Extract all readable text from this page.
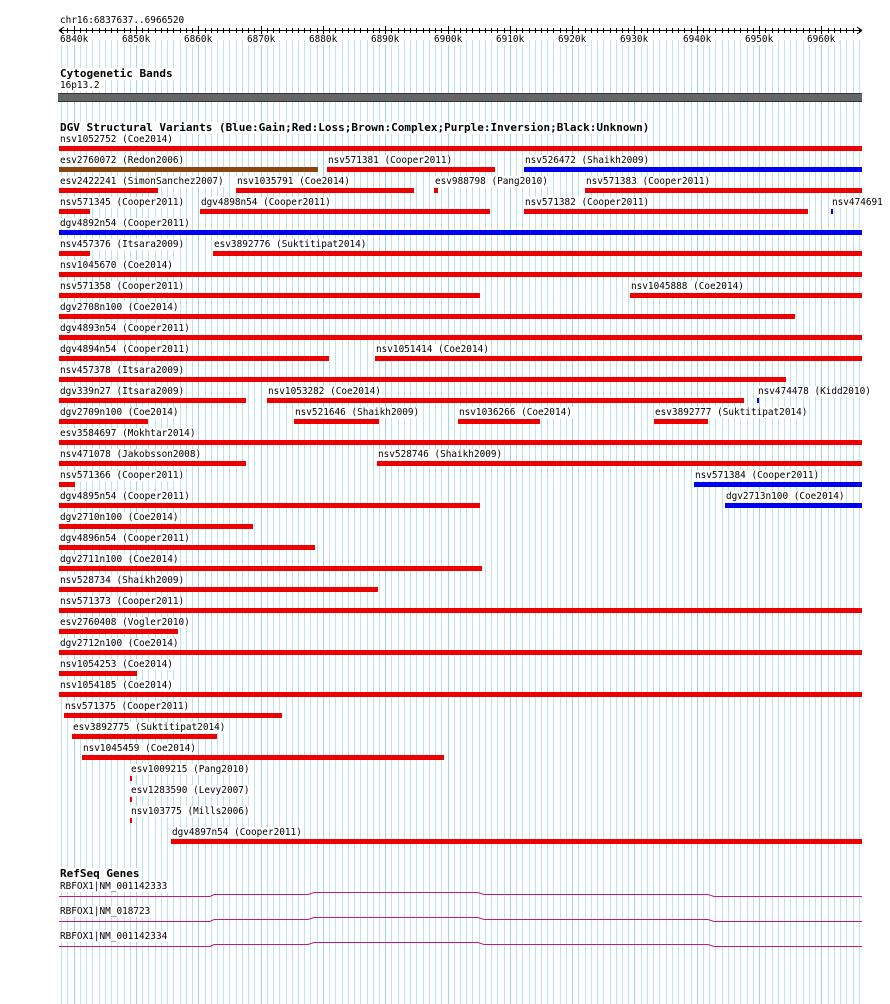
chr16:6837637..6966520
6840k	6850k	6860k	6870k	6880k	6890k	6900k	6910k	6920k	6930k	6940k	6950k	6960k
Cytogenetic Bands
16p13.2
DGV Structural Variants (Blue:Gain;Red:Loss;Brown:Complex;Purple:Inversion;Black:Unknown)
nsv1052752 (Coe2014)
esv2760072 (Redon2006)	nsv571381 (Cooper2011)	nsv526472 (Shaikh2009)
esv2422241 (SimonSanchez2007) nsv1035791 (Coe2014)	esv988798 (Pang2010)	nsv571383 (Cooper2011)
nsv571345 (Cooper2011) dgv4898n54 (Cooper2011)	nsv571382 (Cooper2011)	nsv474691
dgv4892n54 (Cooper2011)
nsv457376 (Itsara2009)	esv3892776 (Suktitipat2014)
nsv1045670 (Coe2014)
nsv571358 (Cooper2011)	nsv1045888 (Coe2014)
dgv2708n100 (Coe2014)
dgv4893n54 (Cooper2011)
dgv4894n54 (Cooper2011)	nsv1051414 (Coe2014)
nsv457378 (Itsara2009)
dgv339n27 (Itsara2009)	nsv1053282 (Coe2014)	nsv474478 (Kidd2010)
dgv2709n100 (Coe2014)	nsv521646 (Shaikh2009)	nsv1036266 (Coe2014)	esv3892777 (Suktitipat2014)
esv3584697 (Mokhtar2014)
nsv471078 (Jakobsson2008)	nsv528746 (Shaikh2009)
nsv571366 (Cooper2011)	nsv571384 (Cooper2011)
dgv4895n54 (Cooper2011)	dgv2713n100 (Coe2014)
dgv2710n100 (Coe2014)
dgv4896n54 (Cooper2011)
dgv2711n100 (Coe2014)
nsv528734 (Shaikh2009)
nsv571373 (Cooper2011)
esv2760408 (Vogler2010)
dgv2712n100 (Coe2014)
nsv1054253 (Coe2014)
nsv1054185 (Coe2014)
nsv571375 (Cooper2011)
esv3892775 (Suktitipat2014)
nsv1045459 (Coe2014)
esv1009215 (Pang2010)
esv1283590 (Levy2007)
nsv103775 (Mills2006)
dgv4897n54 (Cooper2011)
RefSeq Genes
RBFOX1|NM_001142333
RBFOX1|NM_018723
RBFOX1|NM_001142334
